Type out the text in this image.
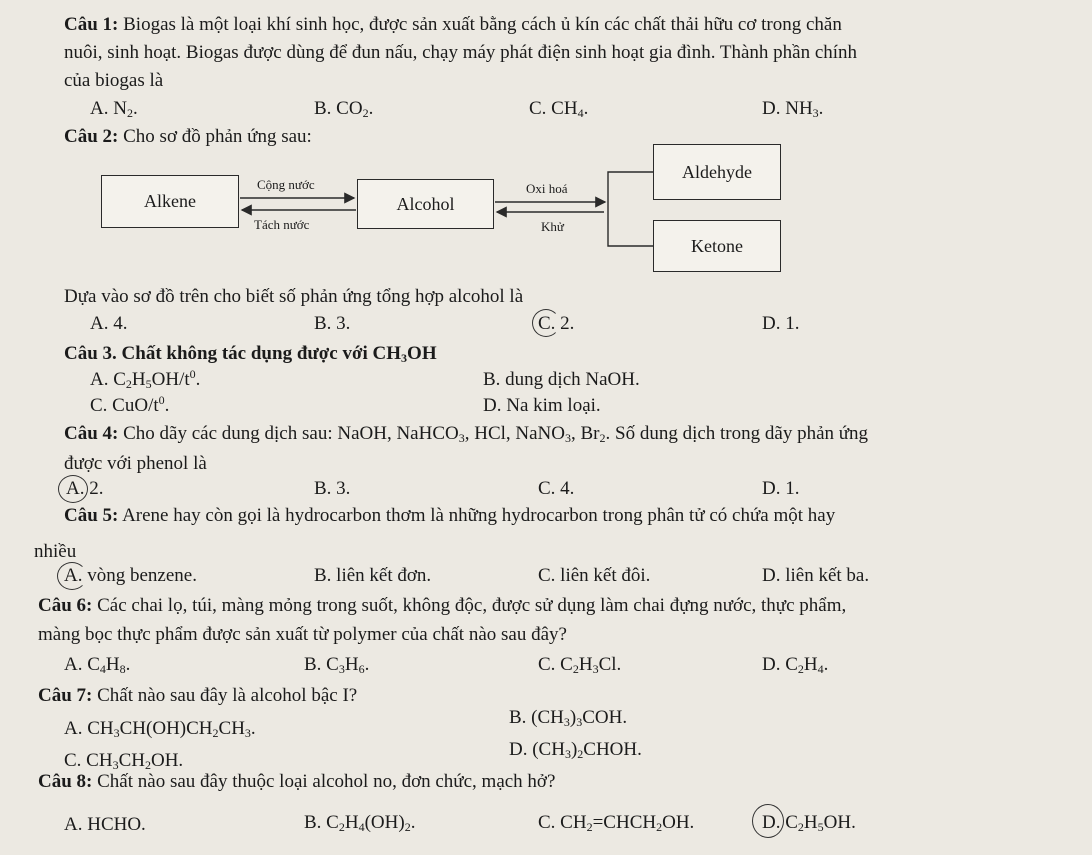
Câu 1: Biogas là một loại khí sinh học, được sản xuất bằng cách ủ kín các chất thải hữu cơ trong chăn
nuôi, sinh hoạt. Biogas được dùng để đun nấu, chạy máy phát điện sinh hoạt gia đình. Thành phần chính
của biogas là
A. $N_2$.	B. $CO_2$.	C. $CH_4$.	D. $NH_3$.
Câu 2: Cho sơ đồ phản ứng sau:
Alkene	Alcohol
Aldehyde
Ketone
Cộng nước
Tách nước
Oxi hoá
Khử
Dựa vào sơ đồ trên cho biết số phản ứng tổng hợp alcohol là
A. 4.	B. 3.	C. 2.	D. 1.
Câu 3. Chất không tác dụng được với $CH_3OH$
A. $C_2H_5OH/t^0$.	B. dung dịch NaOH.
C. CuO/$t^0$.	D. Na kim loại.
Câu 4: Cho dãy các dung dịch sau: NaOH, NaHCO$_3$, HCl, NaNO$_3$, $Br_2$. Số dung dịch trong dãy phản ứng
được với phenol là
A. 2.	B. 3.	C. 4.	D. 1.
Câu 5: Arene hay còn gọi là hydrocarbon thơm là những hydrocarbon trong phân tử có chứa một hay
nhiều
A. vòng benzene.	B. liên kết đơn.	C. liên kết đôi.	D. liên kết ba.
Câu 6: Các chai lọ, túi, màng mỏng trong suốt, không độc, được sử dụng làm chai đựng nước, thực phẩm,
màng bọc thực phẩm được sản xuất từ polymer của chất nào sau đây?
A. $C_4H_8$.	B. $C_3H_6$.	C. $C_2H_3Cl$.	D. $C_2H_4$.
Câu 7: Chất nào sau đây là alcohol bậc I?
A. $CH_3CH(OH)CH_2CH_3$.
B. $(CH_3)_3COH$.
C. $CH_3CH_2OH$.
D. $(CH_3)_2CHOH$.
Câu 8: Chất nào sau đây thuộc loại alcohol no, đơn chức, mạch hở?
A. HCHO.	B. $C_2H_4(OH)_2$.	C. $CH_2=CHCH_2OH$.	D. $C_2H_5OH$.
